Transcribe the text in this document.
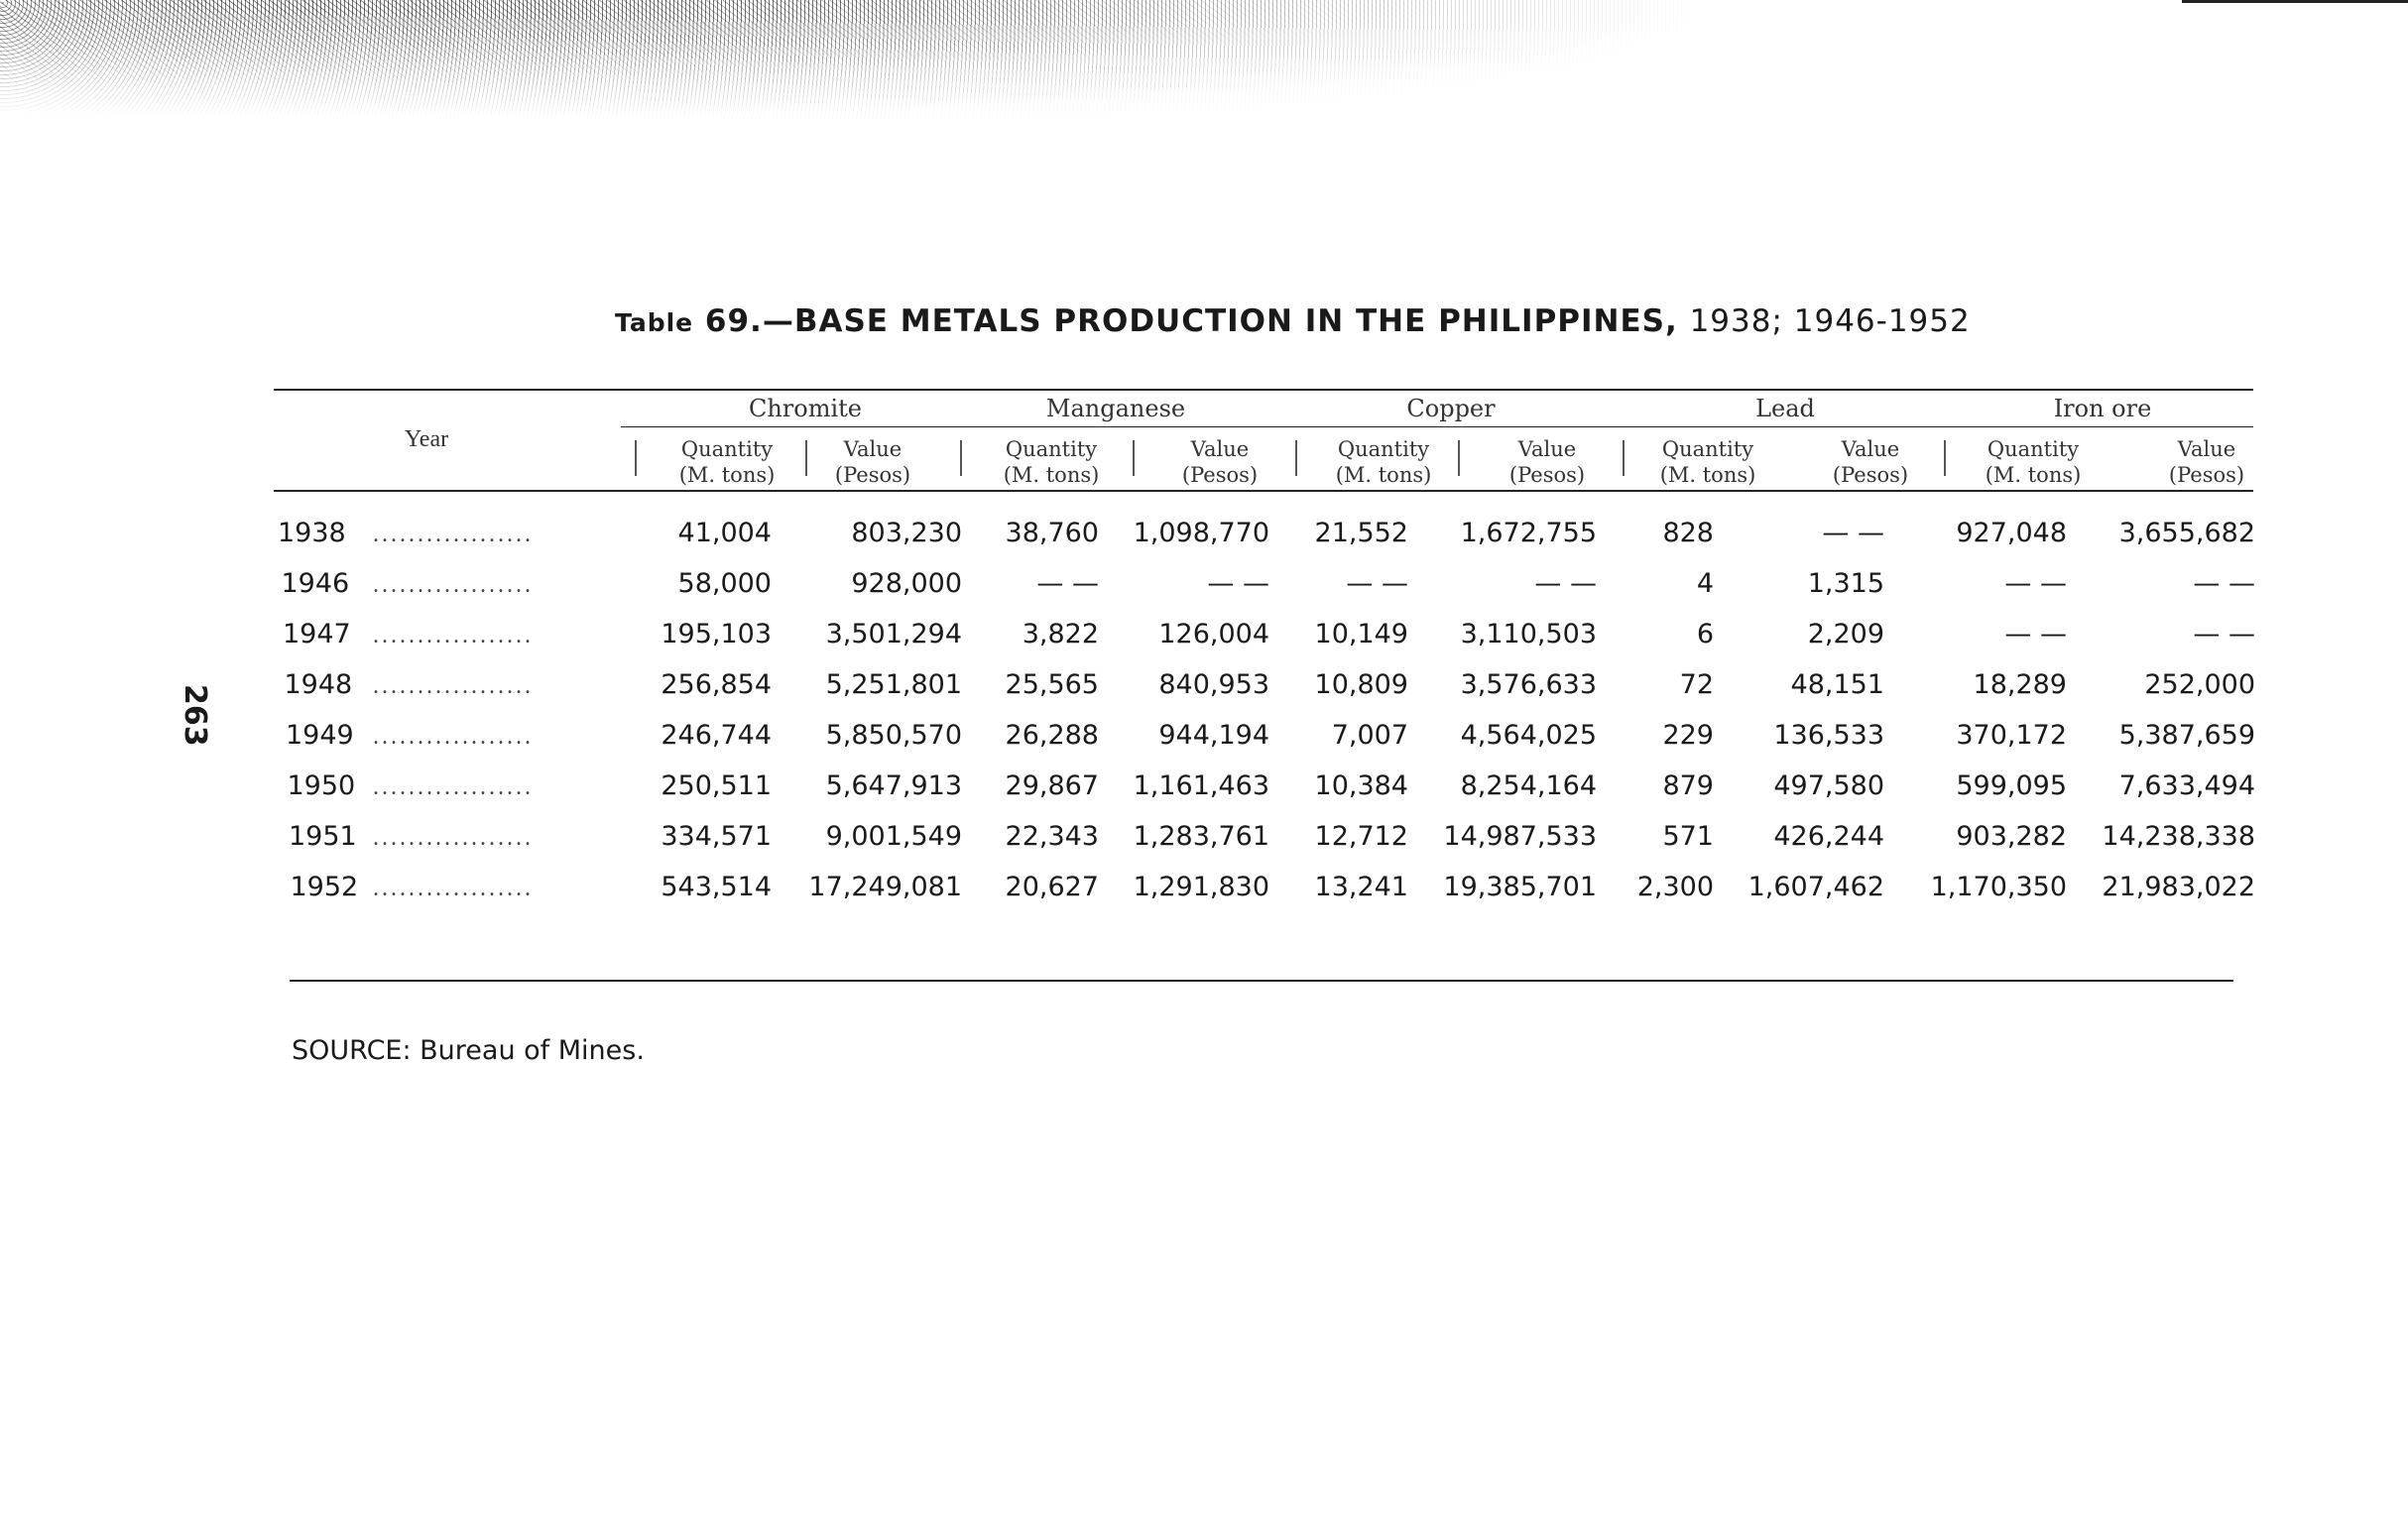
263
Table 69.—BASE METALS PRODUCTION IN THE PHILIPPINES, 1938; 1946-1952
Year
Chromite	Manganese	Copper	Lead	Iron ore
Quantity
(M. tons)
Value
(Pesos)
Quantity
(M. tons)
Value
(Pesos)
Quantity
(M. tons)
Value
(Pesos)
Quantity
(M. tons)
Value
(Pesos)
Quantity
(M. tons)
Value
(Pesos)
1938 ..................	41,004	803,230	38,760	1,098,770	21,552	1,672,755	828	— —	927,048	3,655,682
1946 ..................	58,000	928,000	— —	— —	— —	— —	4	1,315	— —	— —
1947 ..................	195,103	3,501,294	3,822	126,004	10,149	3,110,503	6	2,209	— —	— —
1948 ..................	256,854	5,251,801	25,565	840,953	10,809	3,576,633	72	48,151	18,289	252,000
1949 ..................	246,744	5,850,570	26,288	944,194	7,007	4,564,025	229	136,533	370,172	5,387,659
1950 ..................	250,511	5,647,913	29,867	1,161,463	10,384	8,254,164	879	497,580	599,095	7,633,494
1951 ..................	334,571	9,001,549	22,343	1,283,761	12,712	14,987,533	571	426,244	903,282	14,238,338
1952 ..................	543,514	17,249,081	20,627	1,291,830	13,241	19,385,701	2,300	1,607,462	1,170,350	21,983,022
SOURCE: Bureau of Mines.
